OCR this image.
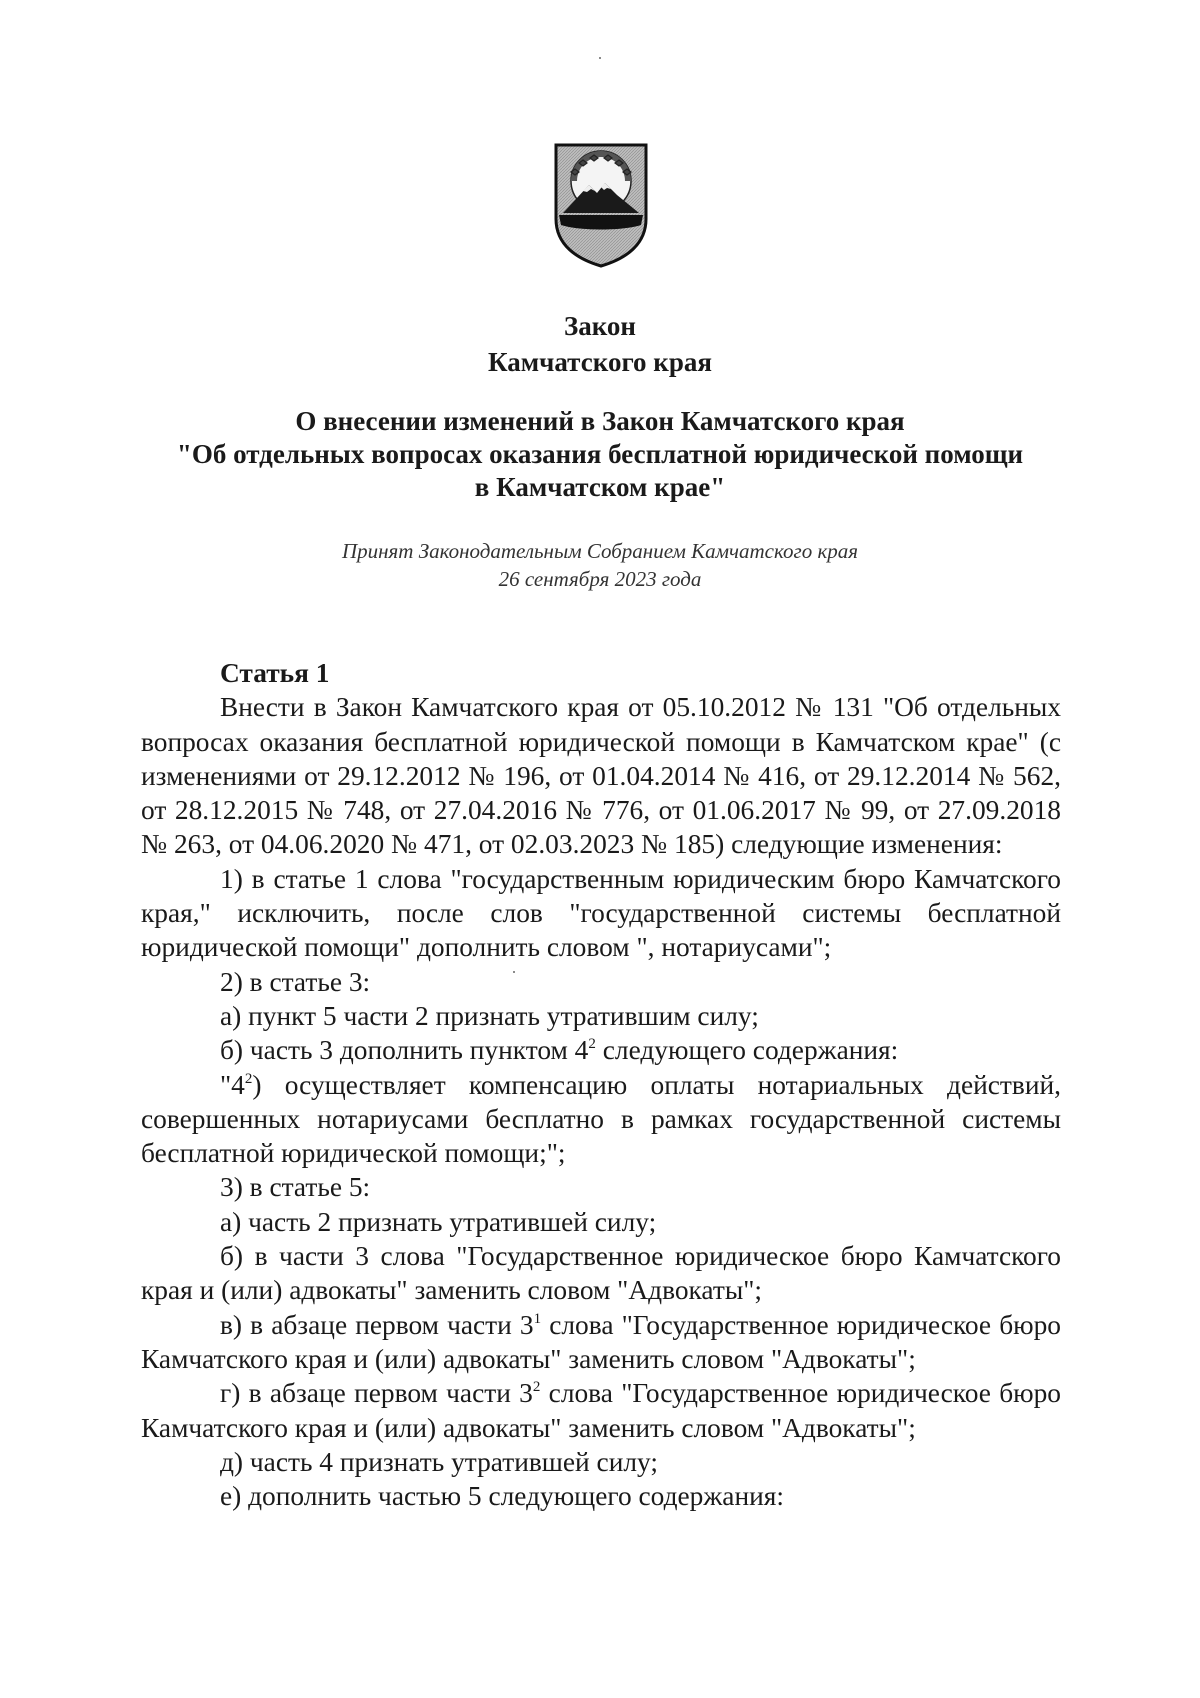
Закон
Камчатского края
О внесении изменений в Закон Камчатского края
"Об отдельных вопросах оказания бесплатной юридической помощи
в Камчатском крае"
Принят Законодательным Собранием Камчатского края
26 сентября 2023 года

Статья 1

Внести в Закон Камчатского края от 05.10.2012 № 131 "Об отдельных вопросах оказания бесплатной юридической помощи в Камчатском крае" (с изменениями от 29.12.2012 № 196, от 01.04.2014 № 416, от 29.12.2014 № 562, от 28.12.2015 № 748, от 27.04.2016 № 776, от 01.06.2017 № 99, от 27.09.2018 № 263, от 04.06.2020 № 471, от 02.03.2023 № 185) следующие изменения:

1) в статье 1 слова "государственным юридическим бюро Камчатского края," исключить, после слов "государственной системы бесплатной юридической помощи" дополнить словом ", нотариусами";

2) в статье 3:

а) пункт 5 части 2 признать утратившим силу;

б) часть 3 дополнить пунктом $4^2$ следующего содержания:

"$4^2$) осуществляет компенсацию оплаты нотариальных действий, совершенных нотариусами бесплатно в рамках государственной системы бесплатной юридической помощи;";

3) в статье 5:

а) часть 2 признать утратившей силу;

б) в части 3 слова "Государственное юридическое бюро Камчатского края и (или) адвокаты" заменить словом "Адвокаты";

в) в абзаце первом части $3^1$ слова "Государственное юридическое бюро Камчатского края и (или) адвокаты" заменить словом "Адвокаты";

г) в абзаце первом части $3^2$ слова "Государственное юридическое бюро Камчатского края и (или) адвокаты" заменить словом "Адвокаты";

д) часть 4 признать утратившей силу;

е) дополнить частью 5 следующего содержания:
